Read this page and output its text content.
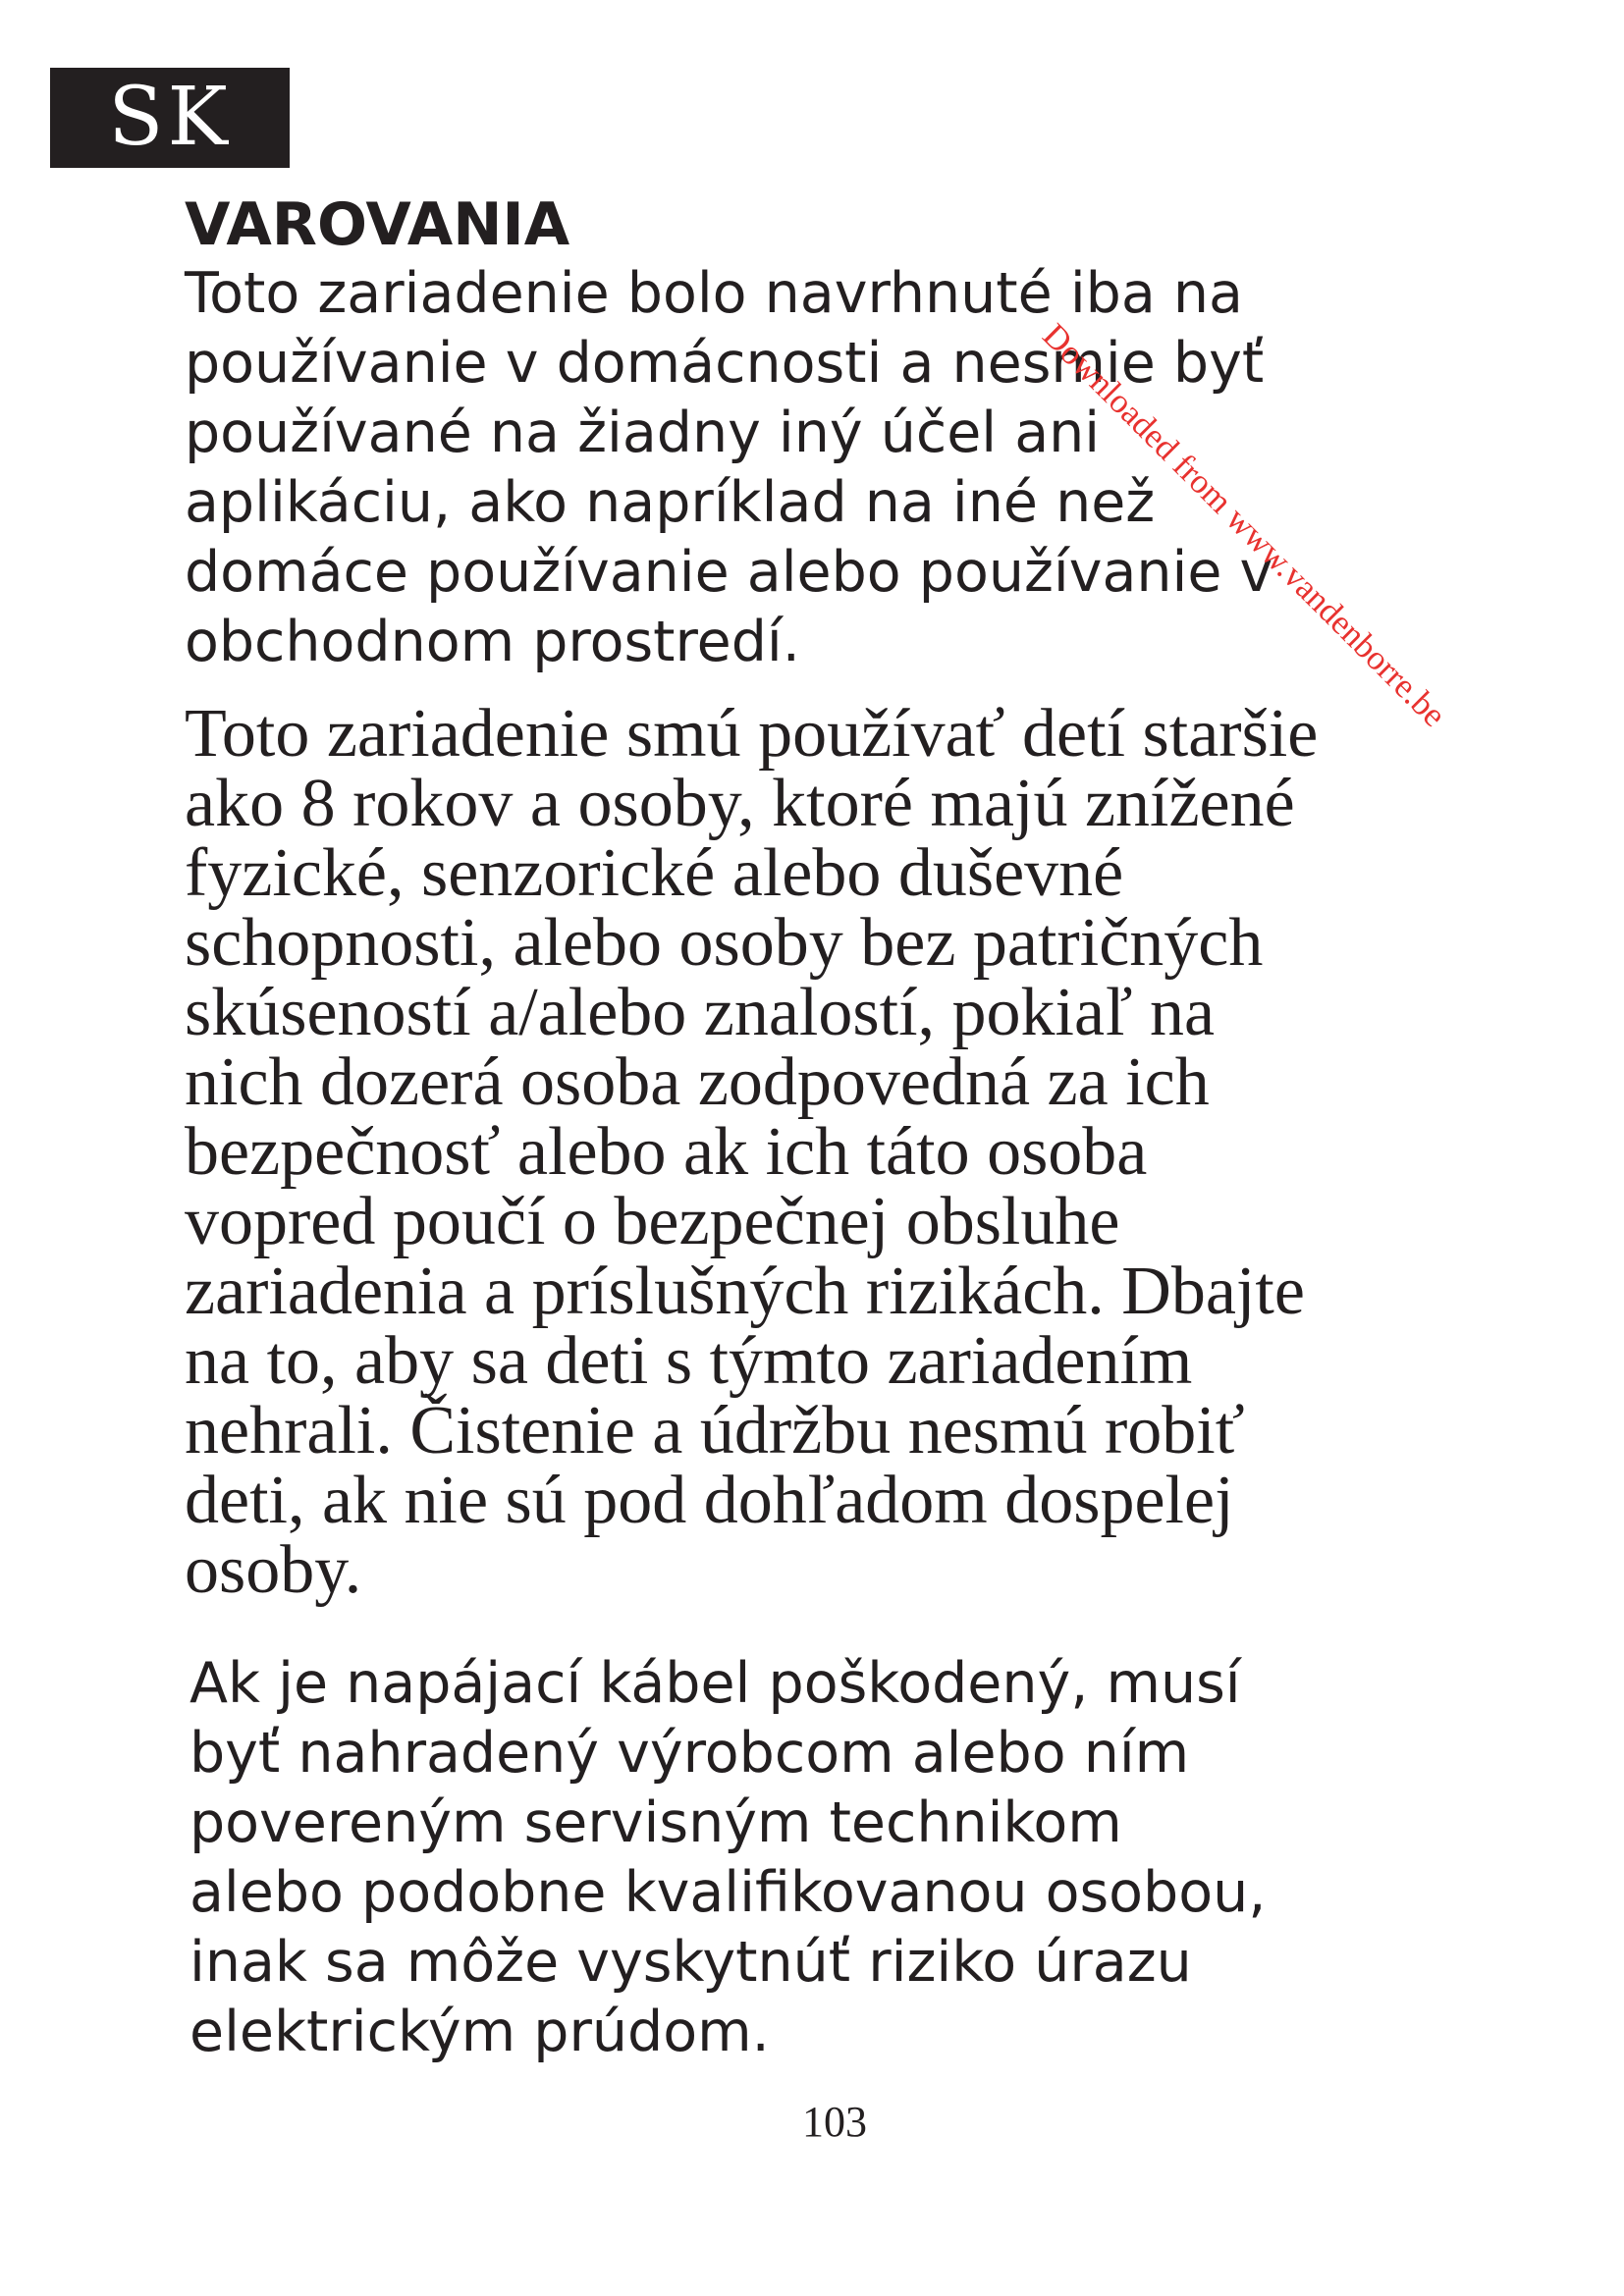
SK
VAROVANIA

Toto zariadenie bolo navrhnuté iba na
používanie v domácnosti a nesmie byť
používané na žiadny iný účel ani
aplikáciu, ako napríklad na iné než
domáce používanie alebo používanie v
obchodnom prostredí.

Toto zariadenie smú používať detí staršie
ako 8 rokov a osoby, ktoré majú znížené
fyzické, senzorické alebo duševné
schopnosti, alebo osoby bez patričných
skúseností a/alebo znalostí, pokiaľ na
nich dozerá osoba zodpovedná za ich
bezpečnosť alebo ak ich táto osoba
vopred poučí o bezpečnej obsluhe
zariadenia a príslušných rizikách. Dbajte
na to, aby sa deti s týmto zariadením
nehrali. Čistenie a údržbu nesmú robiť
deti, ak nie sú pod dohľadom dospelej
osoby.

Ak je napájací kábel poškodený, musí
byť nahradený výrobcom alebo ním
povereným servisným technikom
alebo podobne kvalifikovanou osobou,
inak sa môže vyskytnúť riziko úrazu
elektrickým prúdom.

103
Downloaded from www.vandenborre.be
